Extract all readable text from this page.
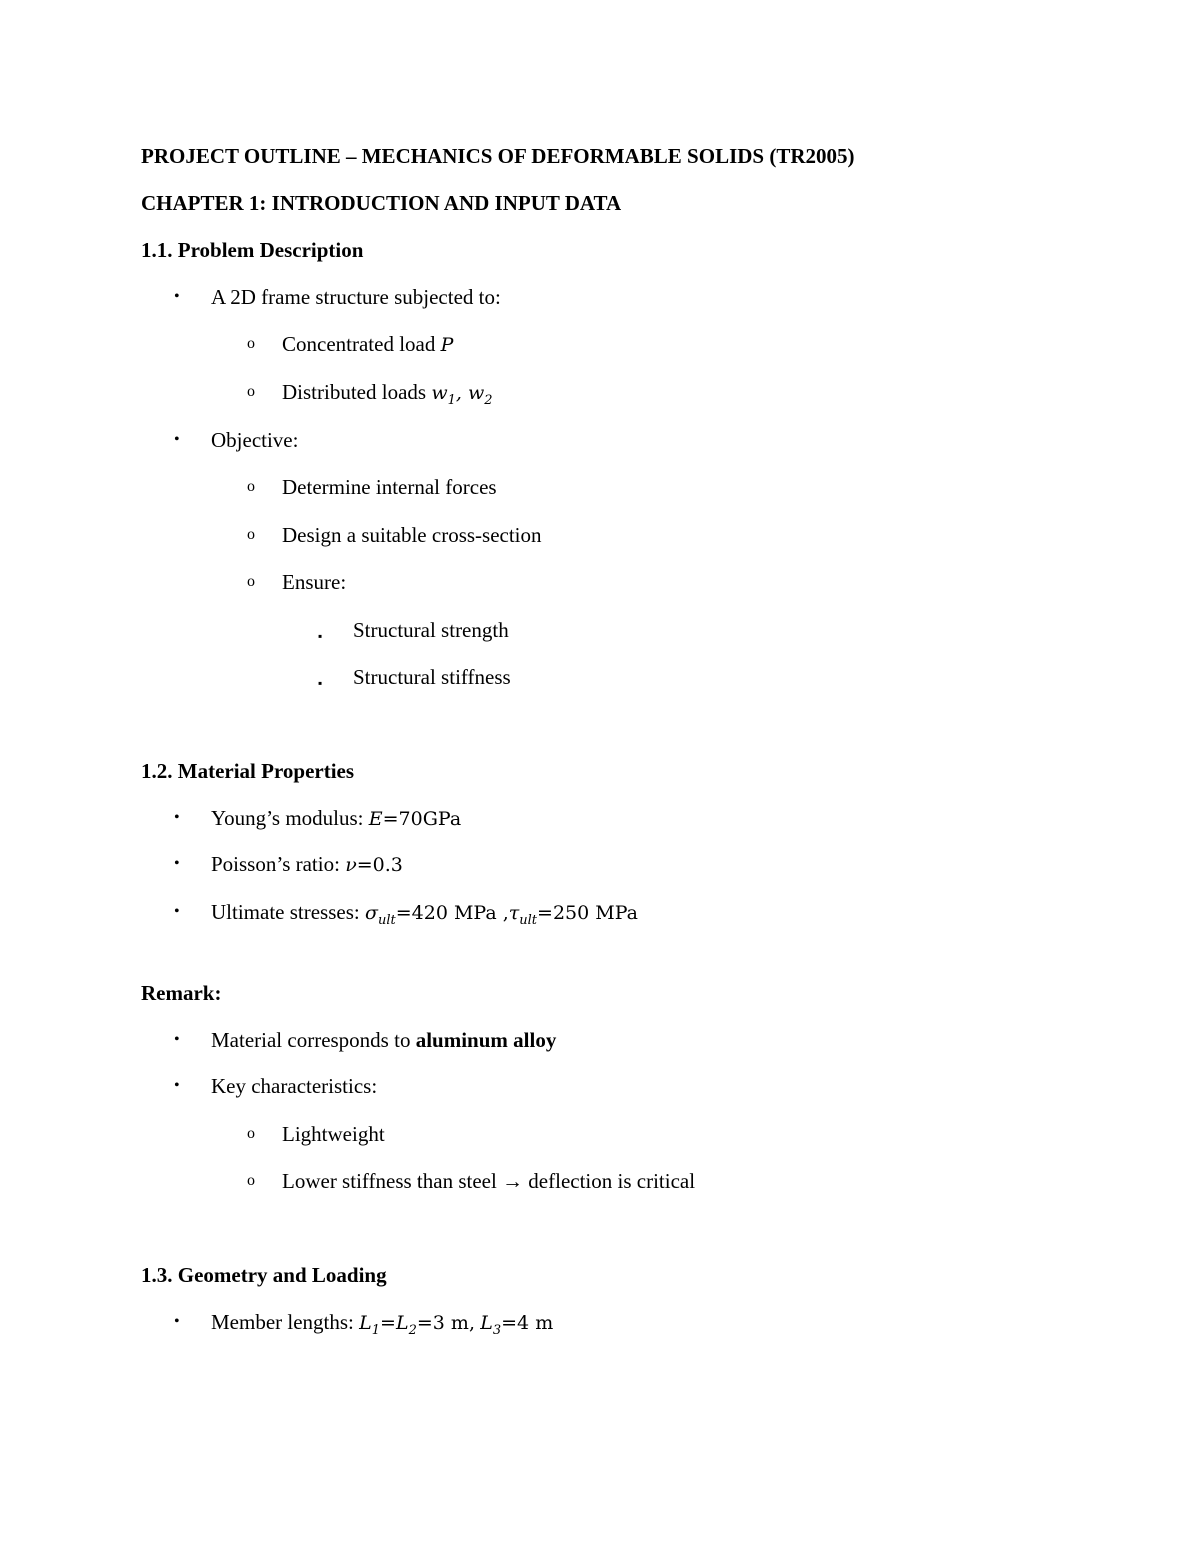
PROJECT OUTLINE – MECHANICS OF DEFORMABLE SOLIDS (TR2005)
CHAPTER 1: INTRODUCTION AND INPUT DATA
1.1. Problem Description
• A 2D frame structure subjected to:
o Concentrated load P
o Distributed loads $w_1$, $w_2$
• Objective:
o Determine internal forces
o Design a suitable cross-section
o Ensure:
▪ Structural strength
▪ Structural stiffness
1.2. Material Properties
• Young’s modulus: E=70GPa
• Poisson’s ratio: ν=0.3
• Ultimate stresses: $\sigma_{ult}=420$ MPa $,\tau_{ult}=250$ MPa
Remark:
• Material corresponds to aluminum alloy
• Key characteristics:
o Lightweight
o Lower stiffness than steel → deflection is critical
1.3. Geometry and Loading
• Member lengths: $L_1=L_2=3$ m, $L_3=4$ m
